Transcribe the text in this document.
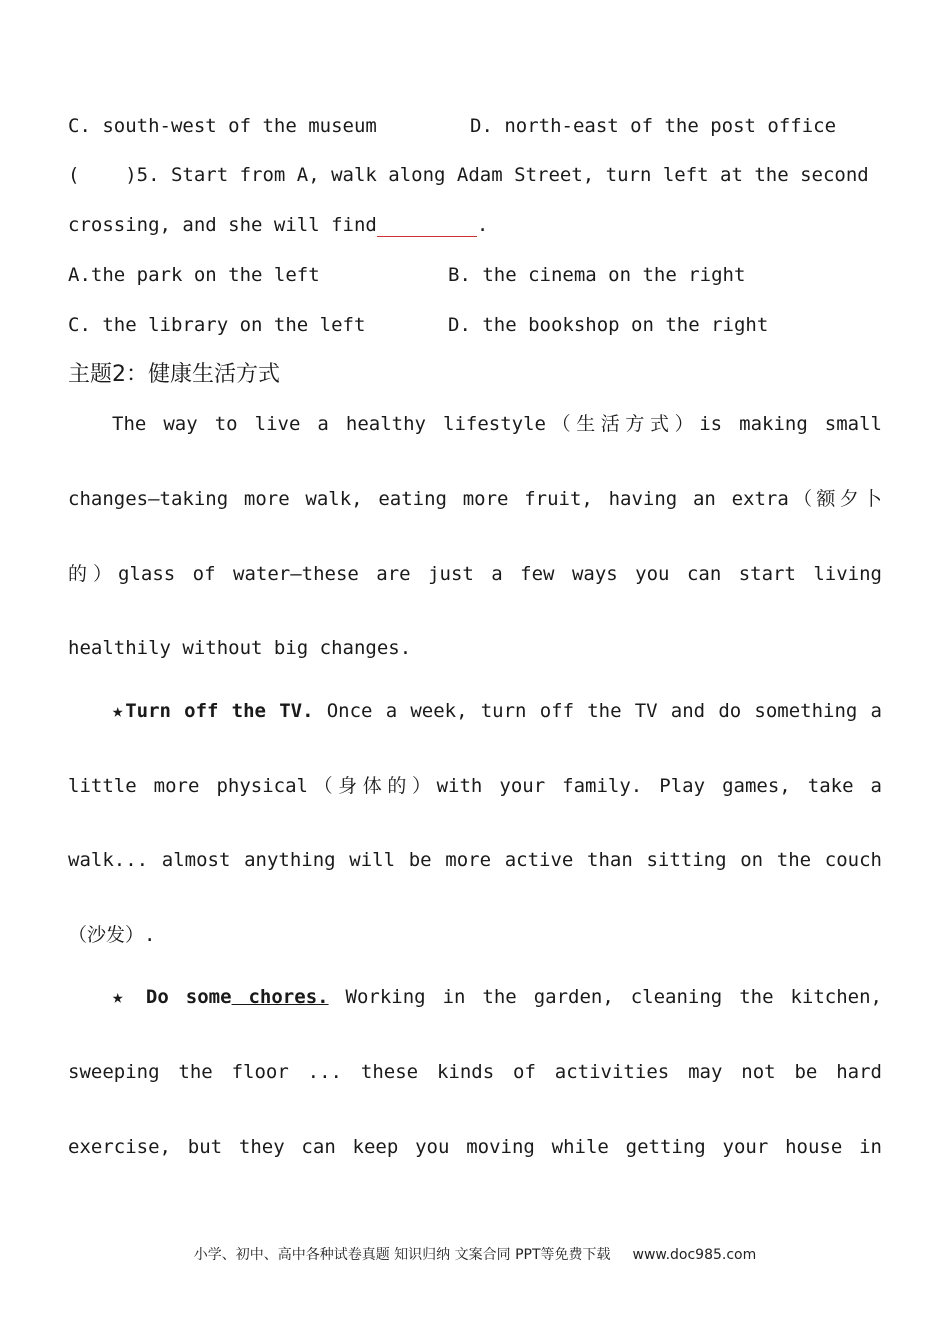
C. south-west of the museum	D. north-east of the post office
(    )5. Start from A, walk along Adam Street, turn left at the second
crossing, and she will find	.
A.the park on the left	B. the cinema on the right
C. the library on the left	D. the bookshop on the right
主题2：健康生活方式
The way to live a healthy lifestyle（生活方式）is making small
changes—taking more walk, eating more fruit, having an extra（额夕卜
的）glass of water—these are just a few ways you can start living
healthily without big changes.
★Turn off the TV. Once a week, turn off the TV and do something a
little more physical（身体的）with your family. Play games, take a
walk... almost anything will be more active than sitting on the couch
（沙发）.
★ Do some chores. Working in the garden, cleaning the kitchen,
sweeping the floor ... these kinds of activities may not be hard
exercise, but they can keep you moving while getting your house in
小学、初中、高中各种试卷真题 知识归纳 文案合同 PPT等免费下载 www.doc985.com
